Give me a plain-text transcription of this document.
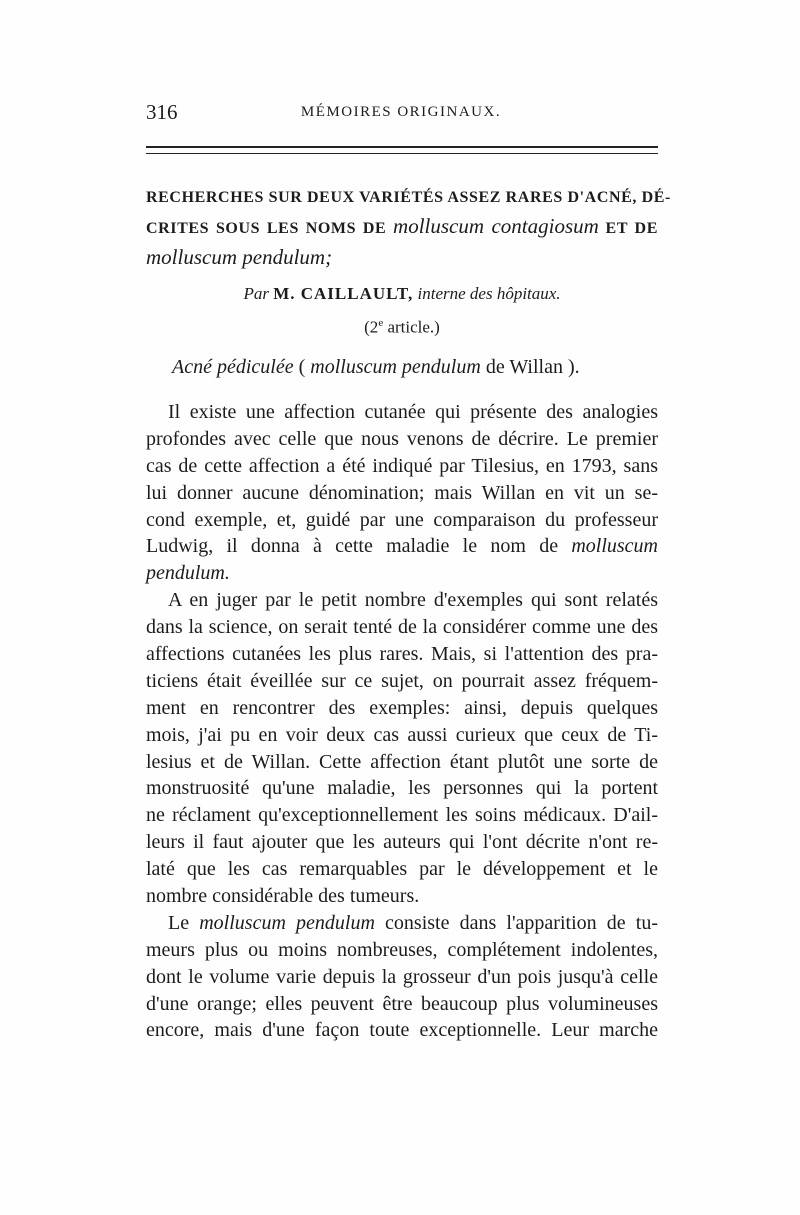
316	MÉMOIRES ORIGINAUX.
RECHERCHES SUR DEUX VARIÉTÉS ASSEZ RARES D'ACNÉ, DÉ-
CRITES SOUS LES NOMS DE molluscum contagiosum ET DE
molluscum pendulum;
Par M. CAILLAULT, interne des hôpitaux.
(2e article.)
Acné pédiculée ( molluscum pendulum de Willan ).
Il existe une affection cutanée qui présente des analogies
profondes avec celle que nous venons de décrire. Le premier
cas de cette affection a été indiqué par Tilesius, en 1793, sans
lui donner aucune dénomination; mais Willan en vit un se-
cond exemple, et, guidé par une comparaison du professeur
Ludwig, il donna à cette maladie le nom de molluscum
pendulum.
A en juger par le petit nombre d'exemples qui sont relatés
dans la science, on serait tenté de la considérer comme une des
affections cutanées les plus rares. Mais, si l'attention des pra-
ticiens était éveillée sur ce sujet, on pourrait assez fréquem-
ment en rencontrer des exemples: ainsi, depuis quelques
mois, j'ai pu en voir deux cas aussi curieux que ceux de Ti-
lesius et de Willan. Cette affection étant plutôt une sorte de
monstruosité qu'une maladie, les personnes qui la portent
ne réclament qu'exceptionnellement les soins médicaux. D'ail-
leurs il faut ajouter que les auteurs qui l'ont décrite n'ont re-
laté que les cas remarquables par le développement et le
nombre considérable des tumeurs.
Le molluscum pendulum consiste dans l'apparition de tu-
meurs plus ou moins nombreuses, complétement indolentes,
dont le volume varie depuis la grosseur d'un pois jusqu'à celle
d'une orange; elles peuvent être beaucoup plus volumineuses
encore, mais d'une façon toute exceptionnelle. Leur marche
